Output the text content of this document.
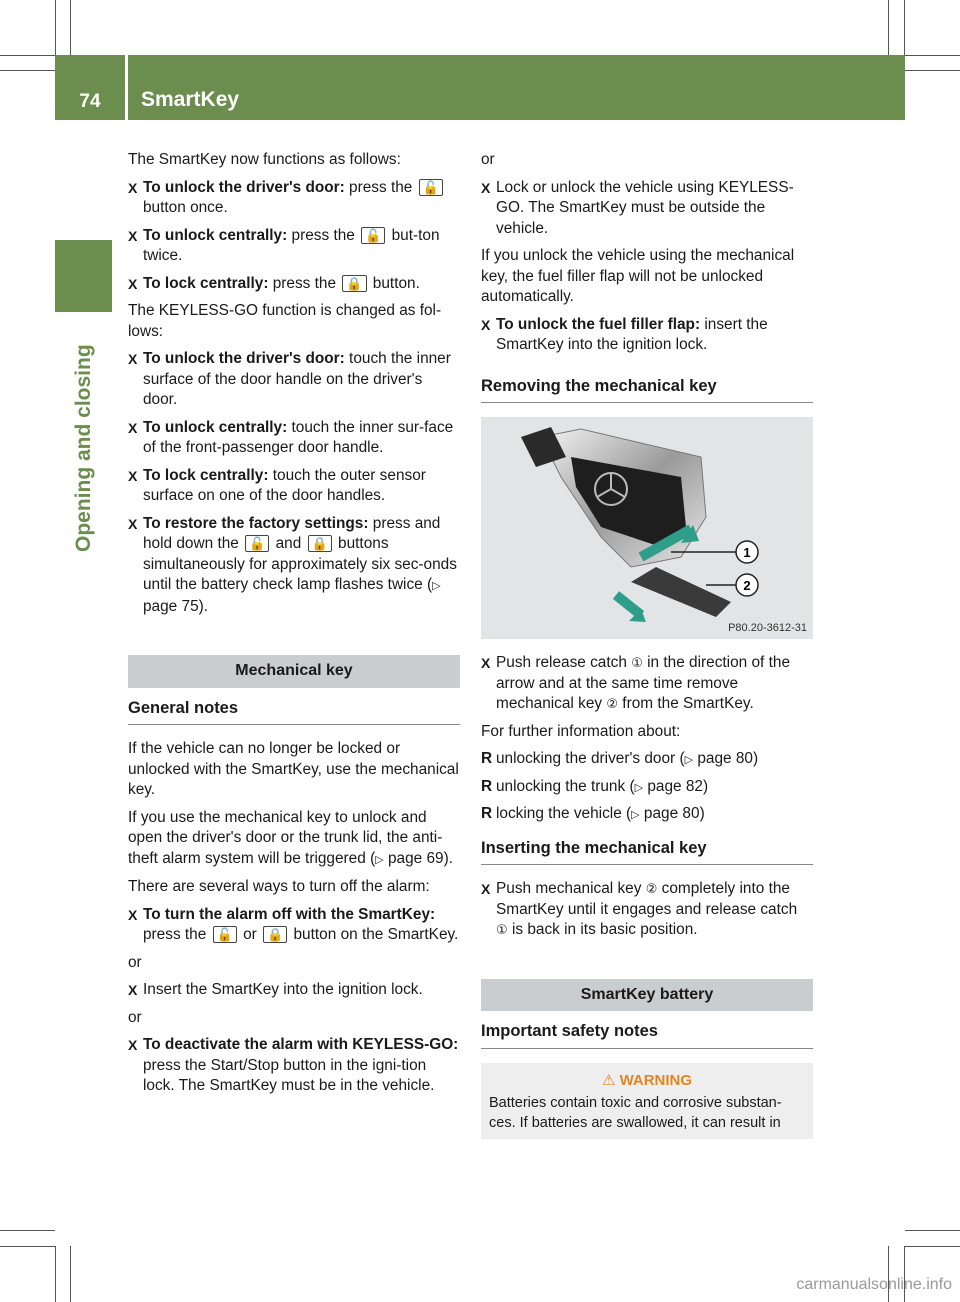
74	SmartKey
Opening and closing

The SmartKey now functions as follows:

X To unlock the driver's door: press the 🔓 button once.
X To unlock centrally: press the 🔓 but-ton twice.
X To lock centrally: press the 🔒 button.

The KEYLESS-GO function is changed as fol-lows:

X To unlock the driver's door: touch the inner surface of the door handle on the driver's door.
X To unlock centrally: touch the inner sur-face of the front-passenger door handle.
X To lock centrally: touch the outer sensor surface on one of the door handles.
X To restore the factory settings: press and hold down the 🔓 and 🔒 buttons simultaneously for approximately six sec-onds until the battery check lamp flashes twice (▷ page 75).
Mechanical key
General notes

If the vehicle can no longer be locked or unlocked with the SmartKey, use the mechanical key.

If you use the mechanical key to unlock and open the driver's door or the trunk lid, the anti-theft alarm system will be triggered (▷ page 69).

There are several ways to turn off the alarm:

X To turn the alarm off with the SmartKey: press the 🔓 or 🔒 button on the SmartKey.

or

X Insert the SmartKey into the ignition lock.

or

X To deactivate the alarm with KEYLESS-GO: press the Start/Stop button in the igni-tion lock. The SmartKey must be in the vehicle.

or

X Lock or unlock the vehicle using KEYLESS-GO. The SmartKey must be outside the vehicle.

If you unlock the vehicle using the mechanical key, the fuel filler flap will not be unlocked automatically.

X To unlock the fuel filler flap: insert the SmartKey into the ignition lock.
Removing the mechanical key
1
2
P80.20-3612-31
X Push release catch ① in the direction of the arrow and at the same time remove mechanical key ② from the SmartKey.

For further information about:

R unlocking the driver's door (▷ page 80)
R unlocking the trunk (▷ page 82)
R locking the vehicle (▷ page 80)
Inserting the mechanical key
X Push mechanical key ② completely into the SmartKey until it engages and release catch ① is back in its basic position.
SmartKey battery
Important safety notes
⚠ WARNING
Batteries contain toxic and corrosive substan-ces. If batteries are swallowed, it can result in
carmanualsonline.info
